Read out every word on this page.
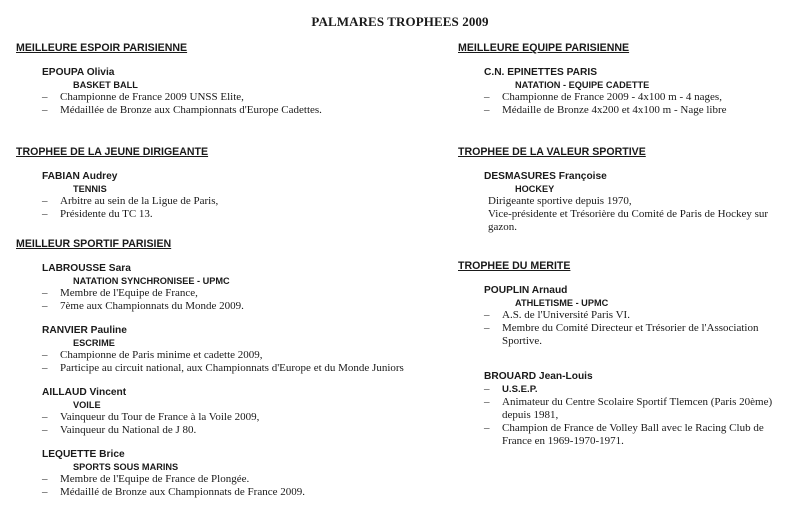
PALMARES TROPHEES 2009
MEILLEURE ESPOIR PARISIENNE
EPOUPA Olivia
BASKET BALL
– Championne de France 2009 UNSS Elite,
– Médaillée de Bronze aux Championnats d'Europe Cadettes.
TROPHEE DE LA JEUNE DIRIGEANTE
FABIAN Audrey
TENNIS
– Arbitre au sein de la Ligue de Paris,
– Présidente du TC 13.
MEILLEUR SPORTIF PARISIEN
LABROUSSE Sara
NATATION SYNCHRONISEE - UPMC
– Membre de l'Equipe de France,
– 7ème aux Championnats du Monde 2009.
RANVIER Pauline
ESCRIME
– Championne de Paris minime et cadette 2009,
– Participe au circuit national, aux Championnats d'Europe et du Monde Juniors
AILLAUD Vincent
VOILE
– Vainqueur du Tour de France à la Voile 2009,
– Vainqueur du National de J 80.
LEQUETTE Brice
SPORTS SOUS MARINS
– Membre de l'Equipe de France de Plongée.
– Médaillé de Bronze aux Championnats de France 2009.
MEILLEURE EQUIPE PARISIENNE
C.N. EPINETTES PARIS
NATATION - EQUIPE CADETTE
– Championne de France 2009 - 4x100 m - 4 nages,
– Médaille de Bronze 4x200 et 4x100 m - Nage libre
TROPHEE DE LA VALEUR SPORTIVE
DESMASURES Françoise
HOCKEY
Dirigeante sportive depuis 1970,
Vice-présidente et Trésorière du Comité de Paris de Hockey sur gazon.
TROPHEE DU MERITE
POUPLIN Arnaud
ATHLETISME - UPMC
– A.S. de l'Université Paris VI.
– Membre du Comité Directeur et Trésorier de l'Association Sportive.
BROUARD Jean-Louis
– U.S.E.P.
– Animateur du Centre Scolaire Sportif Tlemcen (Paris 20ème) depuis 1981,
– Champion de France de Volley Ball avec le Racing Club de France en 1969-1970-1971.
